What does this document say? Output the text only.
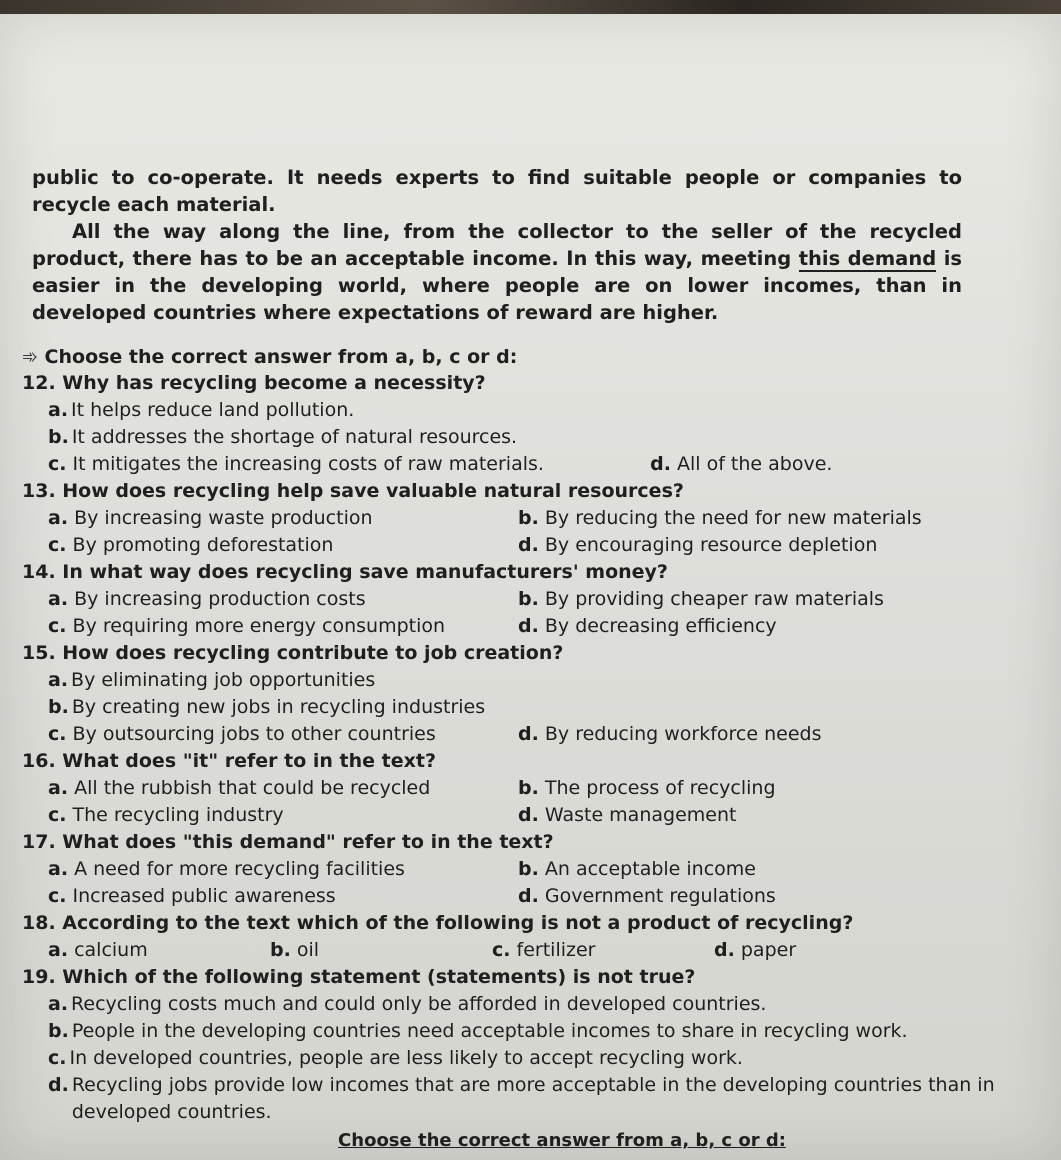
public to co-operate. It needs experts to find suitable people or companies to recycle each material.

All the way along the line, from the collector to the seller of the recycled product, there has to be an acceptable income. In this way, meeting this demand is easier in the developing world, where people are on lower incomes, than in developed countries where expectations of reward are higher.

➾ Choose the correct answer from a, b, c or d:
12. Why has recycling become a necessity?
a. It helps reduce land pollution.
b. It addresses the shortage of natural resources.
c. It mitigates the increasing costs of raw materials.	d. All of the above.
13. How does recycling help save valuable natural resources?
a. By increasing waste production	b. By reducing the need for new materials
c. By promoting deforestation	d. By encouraging resource depletion
14. In what way does recycling save manufacturers' money?
a. By increasing production costs	b. By providing cheaper raw materials
c. By requiring more energy consumption	d. By decreasing efficiency
15. How does recycling contribute to job creation?
a. By eliminating job opportunities
b. By creating new jobs in recycling industries
c. By outsourcing jobs to other countries	d. By reducing workforce needs
16. What does "it" refer to in the text?
a. All the rubbish that could be recycled	b. The process of recycling
c. The recycling industry	d. Waste management
17. What does "this demand" refer to in the text?
a. A need for more recycling facilities	b. An acceptable income
c. Increased public awareness	d. Government regulations
18. According to the text which of the following is not a product of recycling?
a. calcium	b. oil	c. fertilizer	d. paper
19. Which of the following statement (statements) is not true?
a. Recycling costs much and could only be afforded in developed countries.
b. People in the developing countries need acceptable incomes to share in recycling work.
c. In developed countries, people are less likely to accept recycling work.
d. Recycling jobs provide low incomes that are more acceptable in the developing countries than in developed countries.
Choose the correct answer from a, b, c or d:
